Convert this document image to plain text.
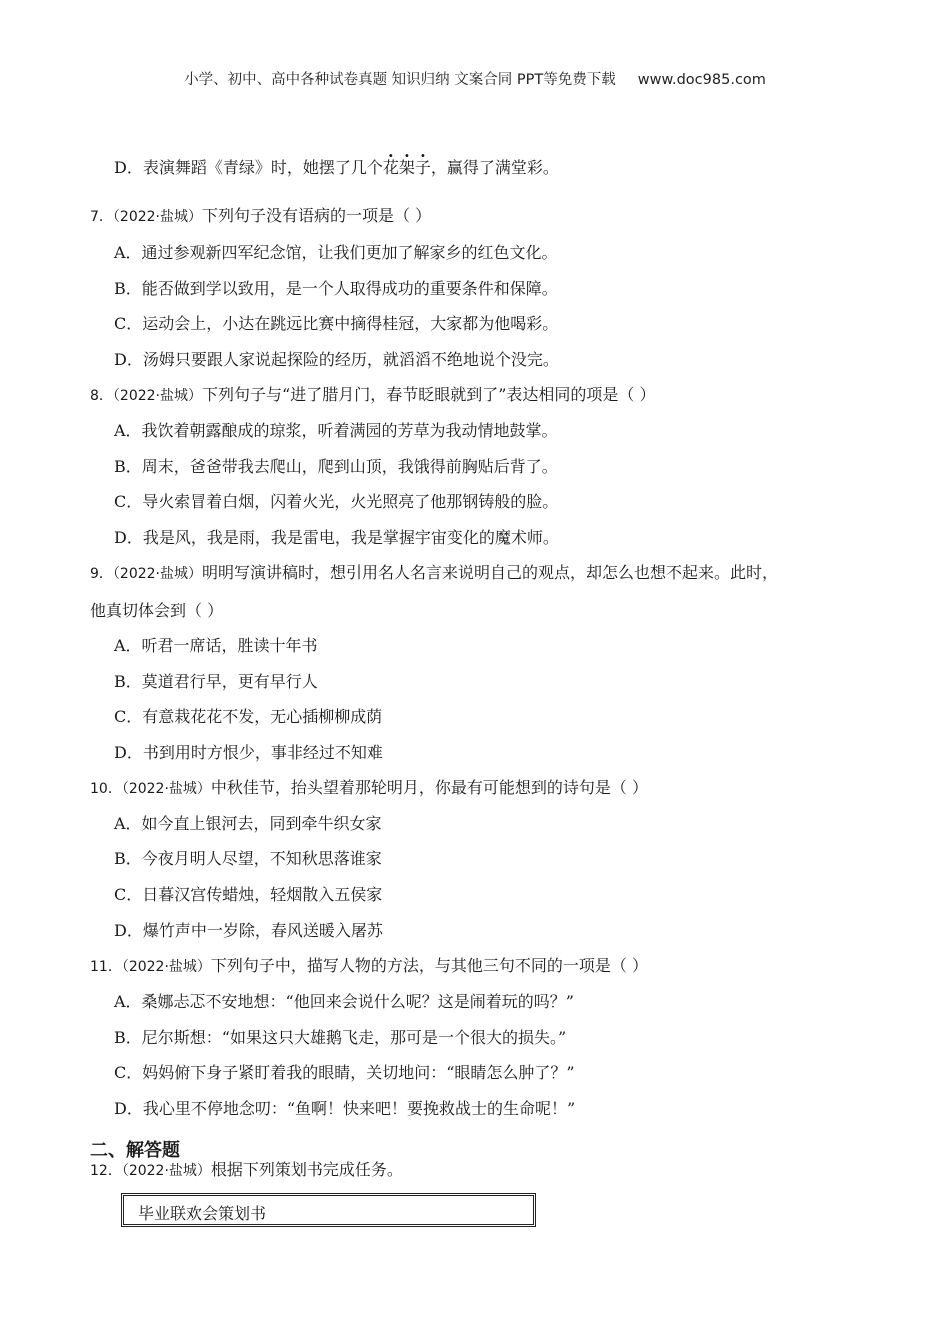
小学、初中、高中各种试卷真题 知识归纳 文案合同 PPT等免费下载 www.doc985.com
D．表演舞蹈《青绿》时，她摆了几个花架子，赢得了满堂彩。
7．（2022·盐城）下列句子没有语病的一项是（ ）
A．通过参观新四军纪念馆，让我们更加了解家乡的红色文化。
B．能否做到学以致用，是一个人取得成功的重要条件和保障。
C．运动会上，小达在跳远比赛中摘得桂冠，大家都为他喝彩。
D．汤姆只要跟人家说起探险的经历，就滔滔不绝地说个没完。
8．（2022·盐城）下列句子与“进了腊月门，春节眨眼就到了”表达相同的项是（ ）
A．我饮着朝露酿成的琼浆，听着满园的芳草为我动情地鼓掌。
B．周末，爸爸带我去爬山，爬到山顶，我饿得前胸贴后背了。
C．导火索冒着白烟，闪着火光，火光照亮了他那钢铸般的脸。
D．我是风，我是雨，我是雷电，我是掌握宇宙变化的魔术师。
9．（2022·盐城）明明写演讲稿时，想引用名人名言来说明自己的观点，却怎么也想不起来。此时，
他真切体会到（ ）
A．听君一席话，胜读十年书
B．莫道君行早，更有早行人
C．有意栽花花不发，无心插柳柳成荫
D．书到用时方恨少，事非经过不知难
10．（2022·盐城）中秋佳节，抬头望着那轮明月，你最有可能想到的诗句是（ ）
A．如今直上银河去，同到牵牛织女家
B．今夜月明人尽望，不知秋思落谁家
C．日暮汉宫传蜡烛，轻烟散入五侯家
D．爆竹声中一岁除，春风送暖入屠苏
11．（2022·盐城）下列句子中，描写人物的方法，与其他三句不同的一项是（ ）
A．桑娜忐忑不安地想：“他回来会说什么呢？这是闹着玩的吗？”
B．尼尔斯想：“如果这只大雄鹅飞走，那可是一个很大的损失。”
C．妈妈俯下身子紧盯着我的眼睛，关切地问：“眼睛怎么肿了？”
D．我心里不停地念叨：“鱼啊！快来吧！要挽救战士的生命呢！”
二、解答题
12．（2022·盐城）根据下列策划书完成任务。
毕业联欢会策划书
